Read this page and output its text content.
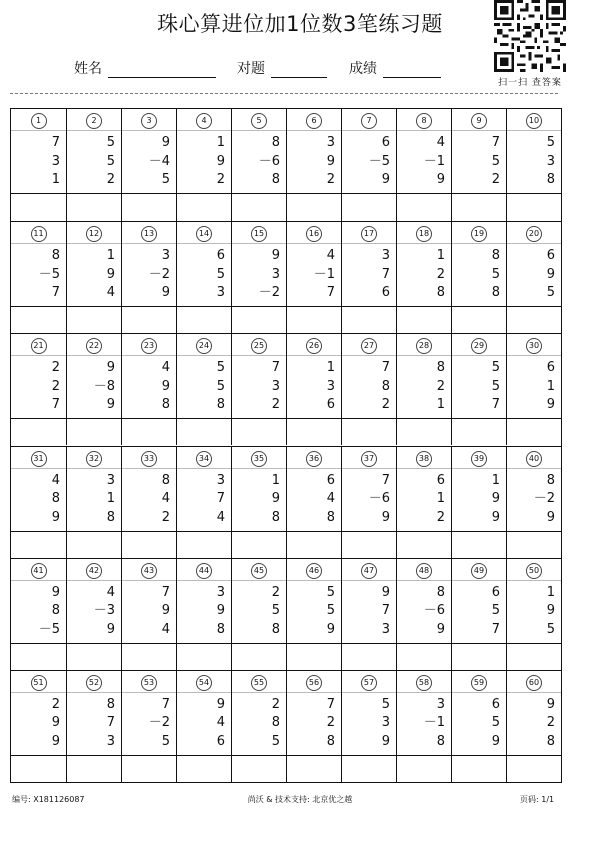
珠心算进位加1位数3笔练习题
扫一扫 查答案
姓名	对题	成绩
1
7
3
1
2
5
5
2
3
9
－4
5
4
1
9
2
5
8
－6
8
6
3
9
2
7
6
－5
9
8
4
－1
9
9
7
5
2
10
5
3
8
11
8
－5
7
12
1
9
4
13
3
－2
9
14
6
5
3
15
9
3
－2
16
4
－1
7
17
3
7
6
18
1
2
8
19
8
5
8
20
6
9
5
21
2
2
7
22
9
－8
9
23
4
9
8
24
5
5
8
25
7
3
2
26
1
3
6
27
7
8
2
28
8
2
1
29
5
5
7
30
6
1
9
31
4
8
9
32
3
1
8
33
8
4
2
34
3
7
4
35
1
9
8
36
6
4
8
37
7
－6
9
38
6
1
2
39
1
9
9
40
8
－2
9
41
9
8
－5
42
4
－3
9
43
7
9
4
44
3
9
8
45
2
5
8
46
5
5
9
47
9
7
3
48
8
－6
9
49
6
5
7
50
1
9
5
51
2
9
9
52
8
7
3
53
7
－2
5
54
9
4
6
55
2
8
5
56
7
2
8
57
5
3
9
58
3
－1
8
59
6
5
9
60
9
2
8
编号: X181126087	尚沃 & 技术支持: 北京优之越	页码: 1/1
